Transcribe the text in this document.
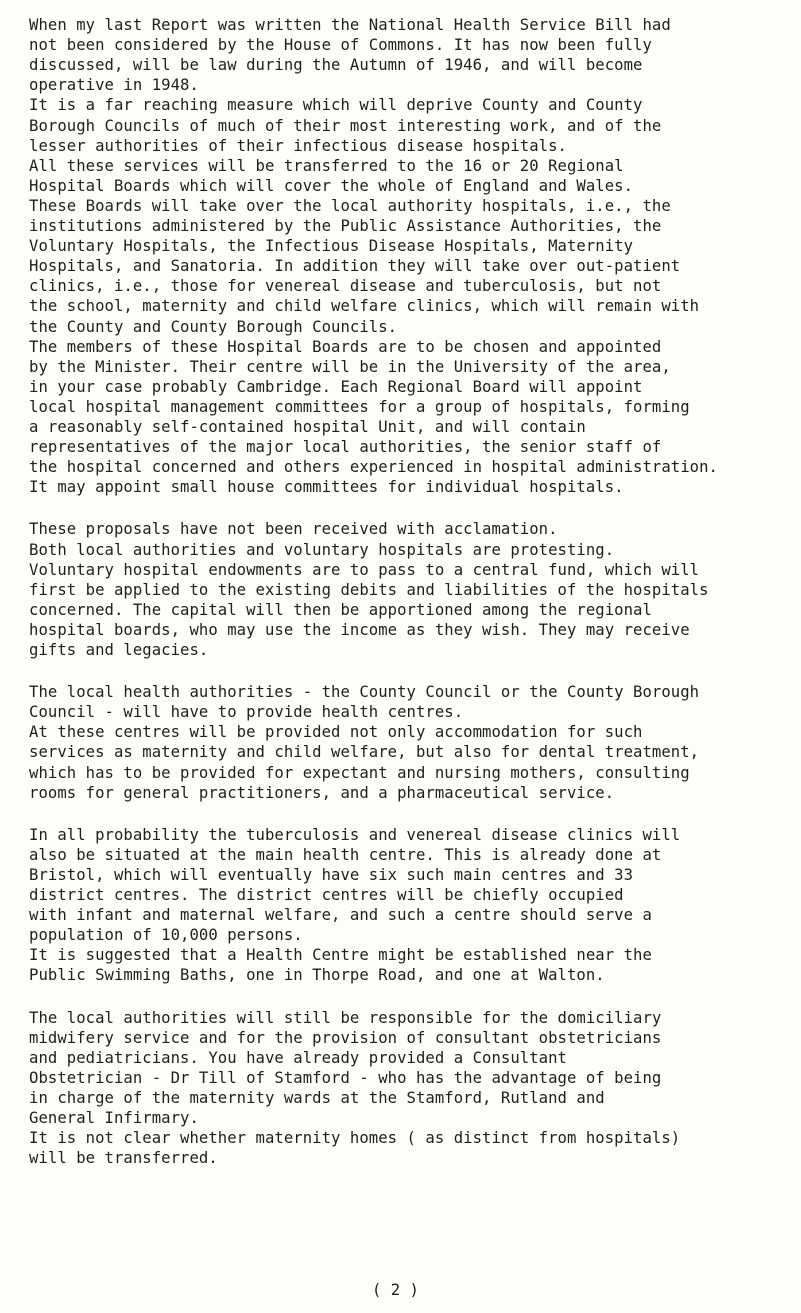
When my last Report was written the National Health Service Bill had
not been considered by the House of Commons. It has now been fully
discussed, will be law during the Autumn of 1946, and will become
operative in 1948.
It is a far reaching measure which will deprive County and County
Borough Councils of much of their most interesting work, and of the
lesser authorities of their infectious disease hospitals.
All these services will be transferred to the 16 or 20 Regional
Hospital Boards which will cover the whole of England and Wales.
These Boards will take over the local authority hospitals, i.e., the
institutions administered by the Public Assistance Authorities, the
Voluntary Hospitals, the Infectious Disease Hospitals, Maternity
Hospitals, and Sanatoria. In addition they will take over out-patient
clinics, i.e., those for venereal disease and tuberculosis, but not
the school, maternity and child welfare clinics, which will remain with
the County and County Borough Councils.
The members of these Hospital Boards are to be chosen and appointed
by the Minister. Their centre will be in the University of the area,
in your case probably Cambridge. Each Regional Board will appoint
local hospital management committees for a group of hospitals, forming
a reasonably self-contained hospital Unit, and will contain
representatives of the major local authorities, the senior staff of
the hospital concerned and others experienced in hospital administration.
It may appoint small house committees for individual hospitals.
These proposals have not been received with acclamation.
Both local authorities and voluntary hospitals are protesting.
Voluntary hospital endowments are to pass to a central fund, which will
first be applied to the existing debits and liabilities of the hospitals
concerned. The capital will then be apportioned among the regional
hospital boards, who may use the income as they wish. They may receive
gifts and legacies.
The local health authorities - the County Council or the County Borough
Council - will have to provide health centres.
At these centres will be provided not only accommodation for such
services as maternity and child welfare, but also for dental treatment,
which has to be provided for expectant and nursing mothers, consulting
rooms for general practitioners, and a pharmaceutical service.
In all probability the tuberculosis and venereal disease clinics will
also be situated at the main health centre. This is already done at
Bristol, which will eventually have six such main centres and 33
district centres. The district centres will be chiefly occupied
with infant and maternal welfare, and such a centre should serve a
population of 10,000 persons.
It is suggested that a Health Centre might be established near the
Public Swimming Baths, one in Thorpe Road, and one at Walton.
The local authorities will still be responsible for the domiciliary
midwifery service and for the provision of consultant obstetricians
and pediatricians. You have already provided a Consultant
Obstetrician - Dr Till of Stamford - who has the advantage of being
in charge of the maternity wards at the Stamford, Rutland and
General Infirmary.
It is not clear whether maternity homes ( as distinct from hospitals)
will be transferred.
( 2 )
